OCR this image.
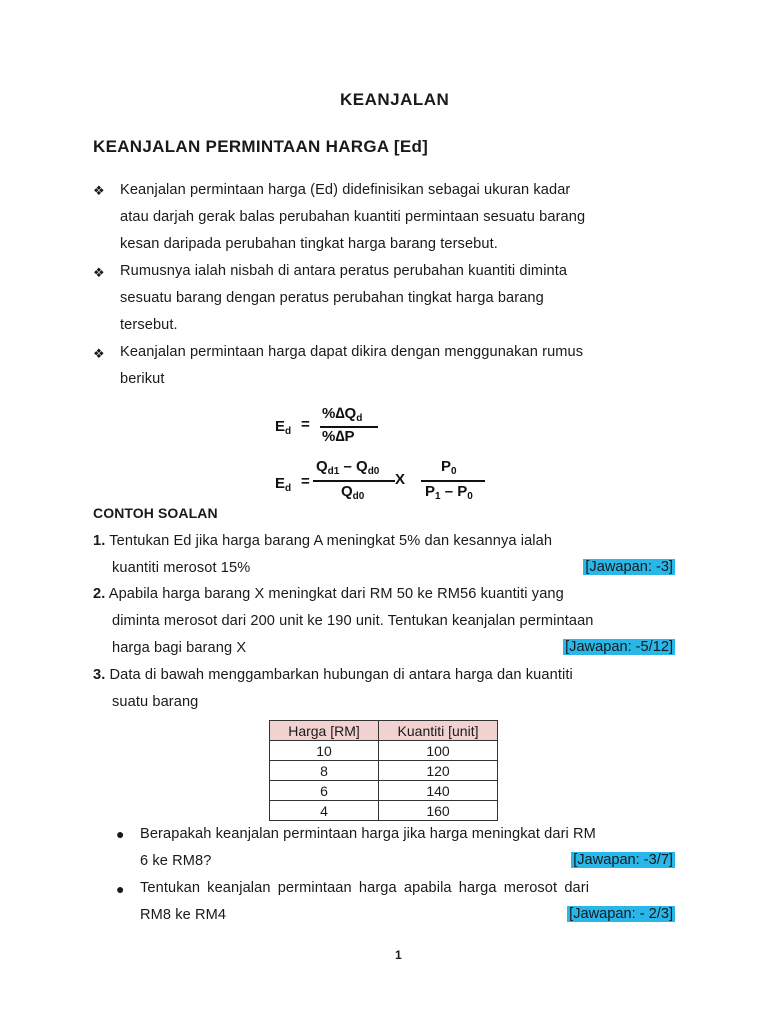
KEANJALAN
KEANJALAN PERMINTAAN HARGA [Ed]
❖ Keanjalan permintaan harga (Ed) didefinisikan sebagai ukuran kadar
atau darjah gerak balas perubahan kuantiti permintaan sesuatu barang
kesan daripada perubahan tingkat harga barang tersebut.
❖ Rumusnya ialah nisbah di antara peratus perubahan kuantiti diminta
sesuatu barang dengan peratus perubahan tingkat harga barang
tersebut.
❖ Keanjalan permintaan harga dapat dikira dengan menggunakan rumus
berikut
$E_d$ =
$\%\Delta Q_d$
%∆P
$E_d$ =
$Q_{d1} - Q_{d0}$
$Q_{d0}$
X
$P_0$
$P_1 - P_0$
CONTOH SOALAN
1. Tentukan Ed jika harga barang A meningkat 5% dan kesannya ialah
kuantiti merosot 15%	[Jawapan: -3]
2. Apabila harga barang X meningkat dari RM 50 ke RM56 kuantiti yang
diminta merosot dari 200 unit ke 190 unit. Tentukan keanjalan permintaan
harga bagi barang X	[Jawapan: -5/12]
3. Data di bawah menggambarkan hubungan di antara harga dan kuantiti
suatu barang
Harga [RM]	Kuantiti [unit]
10	100
8	120
6	140
4	160
● Berapakah keanjalan permintaan harga jika harga meningkat dari RM
6 ke RM8?	[Jawapan: -3/7]
● Tentukan keanjalan permintaan harga apabila harga merosot dari
RM8 ke RM4	[Jawapan: - 2/3]
1
